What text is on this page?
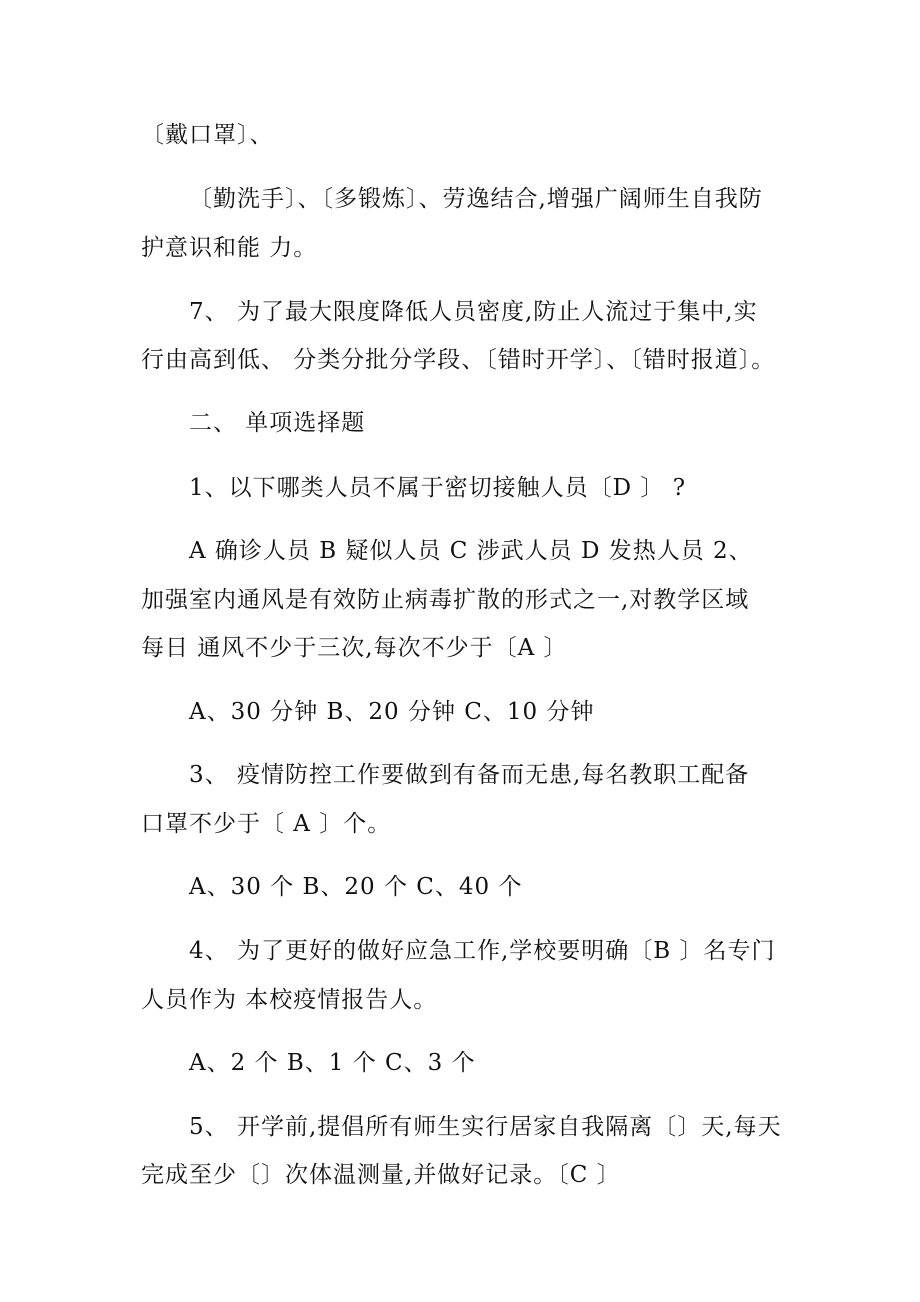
〔戴口罩〕、
〔勤洗手〕、〔多锻炼〕、劳逸结合,增强广阔师生自我防
护意识和能 力。
7、 为了最大限度降低人员密度,防止人流过于集中,实
行由高到低、 分类分批分学段、〔错时开学〕、〔错时报道〕。
二、 单项选择题
1、以下哪类人员不属于密切接触人员〔D 〕 ?
A 确诊人员 B 疑似人员 C 涉武人员 D 发热人员 2、
加强室内通风是有效防止病毒扩散的形式之一,对教学区域
每日 通风不少于三次,每次不少于〔A 〕
A、30 分钟 B、20 分钟 C、10 分钟
3、 疫情防控工作要做到有备而无患,每名教职工配备
口罩不少于〔 A 〕个。
A、30 个 B、20 个 C、40 个
4、 为了更好的做好应急工作,学校要明确〔B 〕名专门
人员作为 本校疫情报告人。
A、2 个 B、1 个 C、3 个
5、 开学前,提倡所有师生实行居家自我隔离〔〕天,每天
完成至少〔〕次体温测量,并做好记录。〔C 〕
